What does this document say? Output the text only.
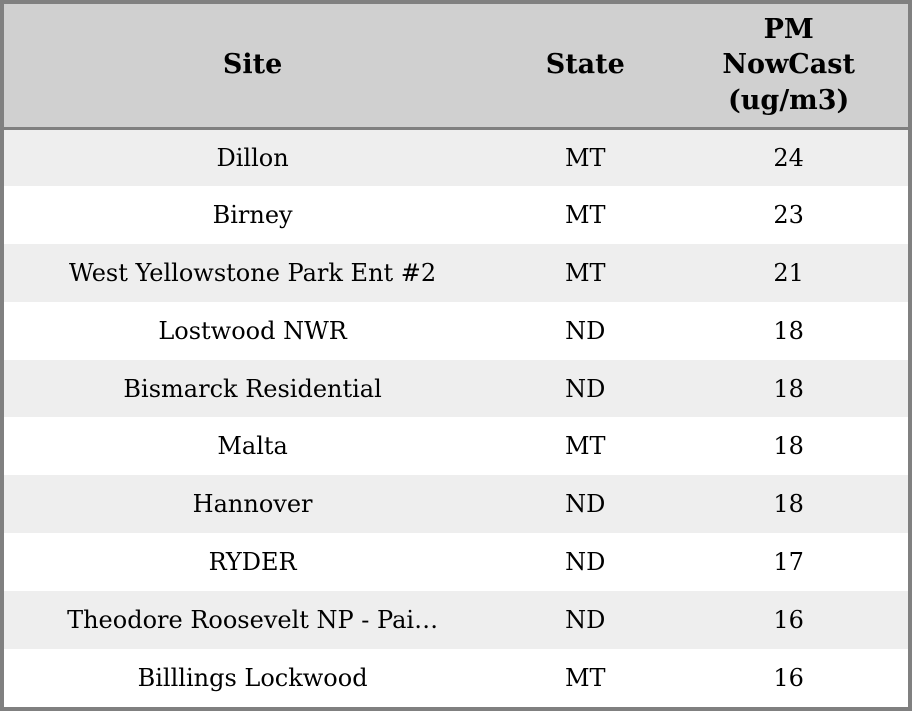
Site	State	PM
NowCast
(ug/m3)

Dillon	MT	24
Birney	MT	23
West Yellowstone Park Ent #2	MT	21
Lostwood NWR	ND	18
Bismarck Residential	ND	18
Malta	MT	18
Hannover	ND	18
RYDER	ND	17
Theodore Roosevelt NP - Pai…	ND	16
Billlings Lockwood	MT	16
